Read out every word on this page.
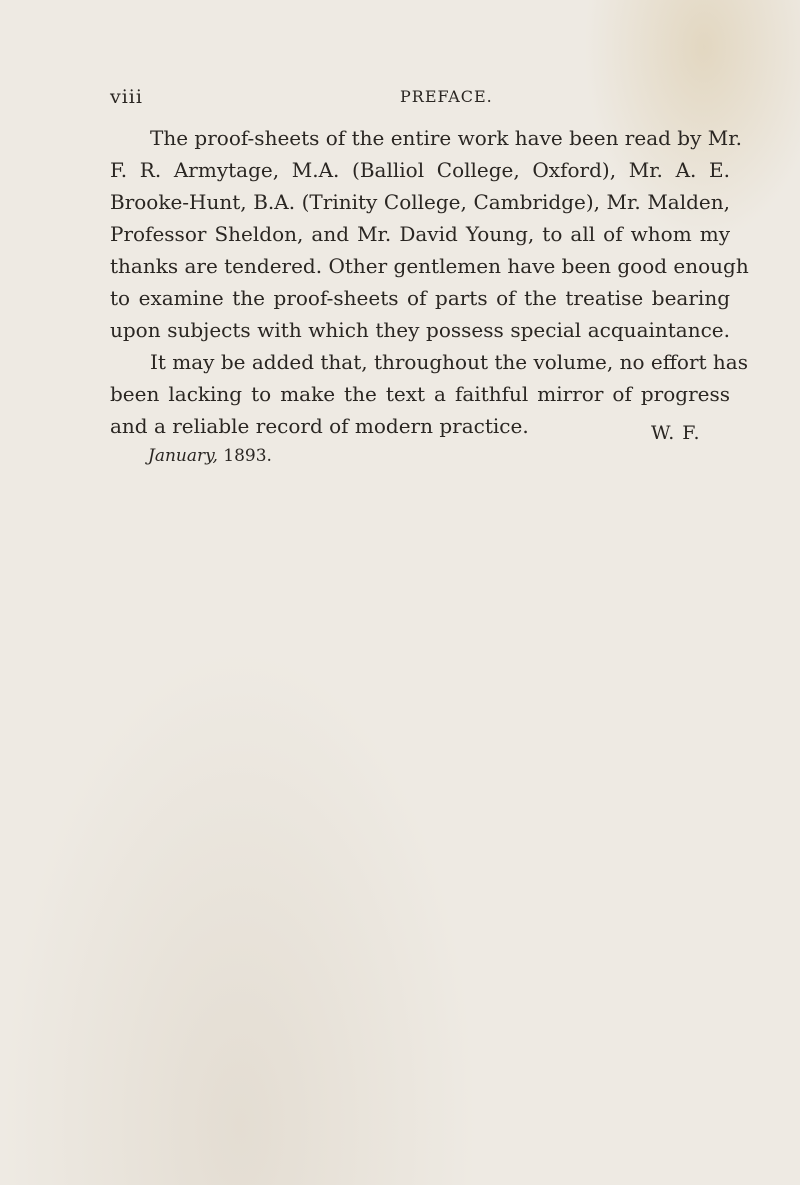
viii	PREFACE.
The proof-sheets of the entire work have been read by Mr.
F. R. Armytage, M.A. (Balliol College, Oxford), Mr. A. E.
Brooke-Hunt, B.A. (Trinity College, Cambridge), Mr. Malden,
Professor Sheldon, and Mr. David Young, to all of whom my
thanks are tendered. Other gentlemen have been good enough
to examine the proof-sheets of parts of the treatise bearing
upon subjects with which they possess special acquaintance.
It may be added that, throughout the volume, no effort has
been lacking to make the text a faithful mirror of progress
and a reliable record of modern practice.	W. F.
January, 1893.
